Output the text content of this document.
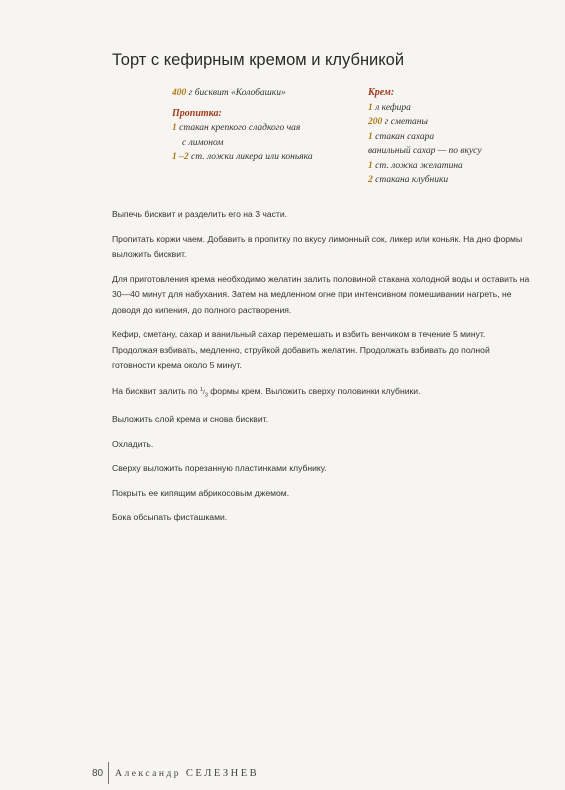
Торт с кефирным кремом и клубникой
400 г бисквит «Колобашки»
Пропитка:
1 стакан крепкого сладкого чая
с лимоном
1 –2 ст. ложки ликера или коньяка
Крем:
1 л кефира
200 г сметаны
1 стакан сахара
ванильный сахар — по вкусу
1 ст. ложка желатина
2 стакана клубники

Выпечь бисквит и разделить его на 3 части.

Пропитать коржи чаем. Добавить в пропитку по вкусу лимонный сок, ликер или коньяк. На дно формы выложить бисквит.

Для приготовления крема необходимо желатин залить половиной стакана холодной воды и оставить на 30—40 минут для набухания. Затем на медленном огне при интенсивном помешивании нагреть, не доводя до кипения, до полного растворения.

Кефир, сметану, сахар и ванильный сахар перемешать и взбить венчиком в течение 5 минут. Продолжая взбивать, медленно, струйкой добавить желатин. Продолжать взбивать до полной готовности крема около 5 минут.

На бисквит залить по $^1/_3$ формы крем. Выложить сверху половинки клубники.

Выложить слой крема и снова бисквит.

Охладить.

Сверху выложить порезанную пластинками клубнику.

Покрыть ее кипящим абрикосовым джемом.

Бока обсыпать фисташками.

80 Александр СЕЛЕЗНЕВ
